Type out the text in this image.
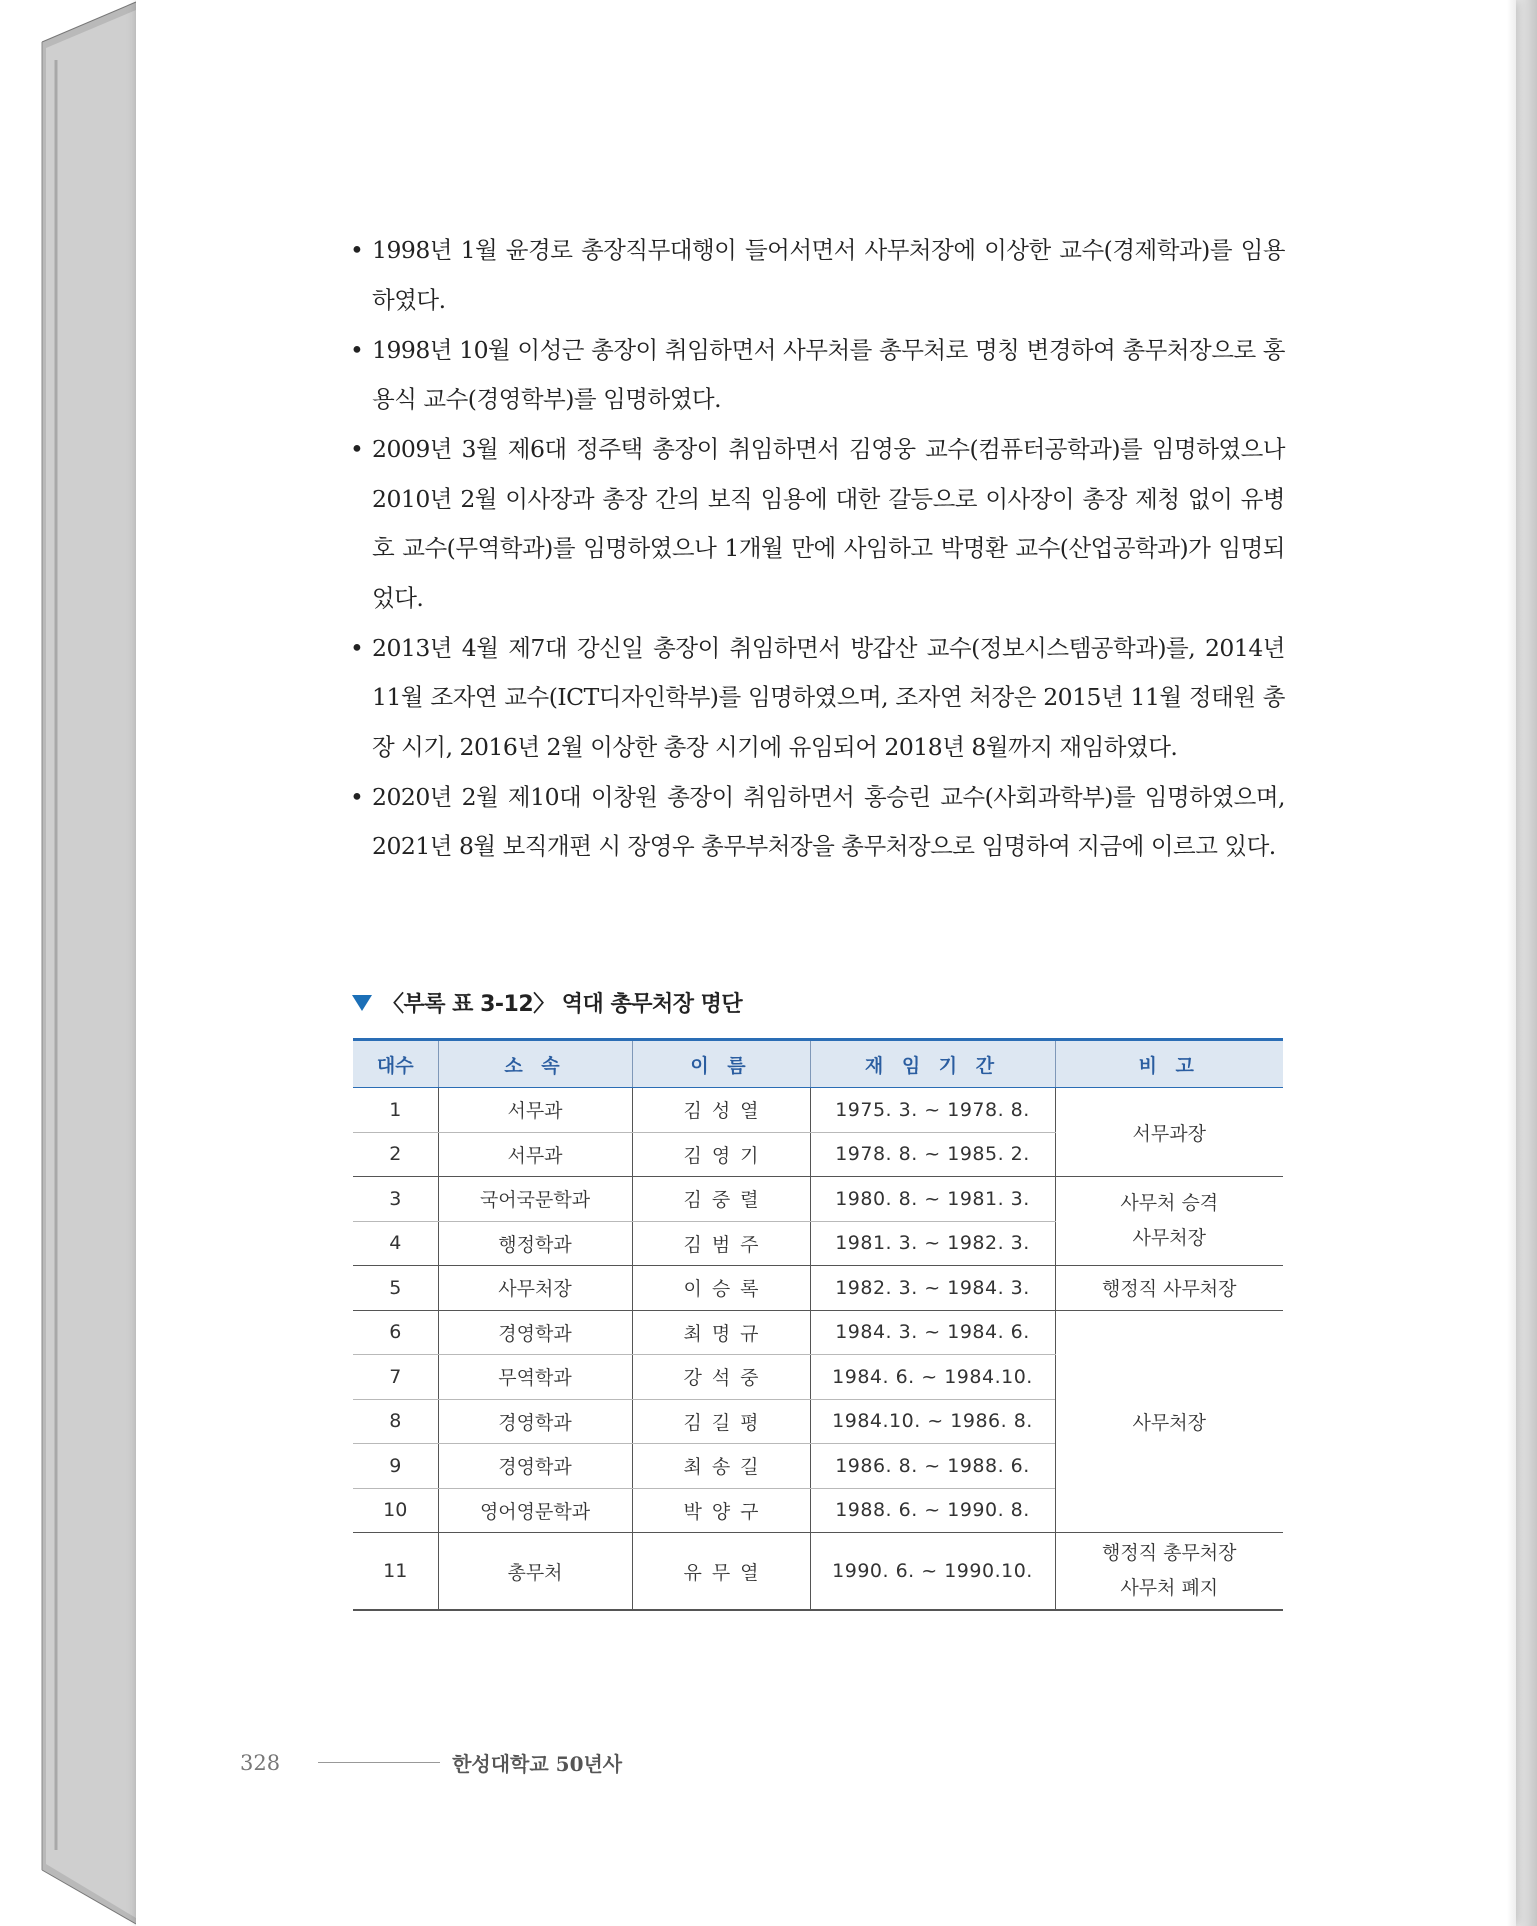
• 1998년 1월 윤경로 총장직무대행이 들어서면서 사무처장에 이상한 교수(경제학과)를 임용하였다.
• 1998년 10월 이성근 총장이 취임하면서 사무처를 총무처로 명칭 변경하여 총무처장으로 홍용식 교수(경영학부)를 임명하였다.
• 2009년 3월 제6대 정주택 총장이 취임하면서 김영웅 교수(컴퓨터공학과)를 임명하였으나 2010년 2월 이사장과 총장 간의 보직 임용에 대한 갈등으로 이사장이 총장 제청 없이 유병호 교수(무역학과)를 임명하였으나 1개월 만에 사임하고 박명환 교수(산업공학과)가 임명되었다.
• 2013년 4월 제7대 강신일 총장이 취임하면서 방갑산 교수(정보시스템공학과)를, 2014년 11월 조자연 교수(ICT디자인학부)를 임명하였으며, 조자연 처장은 2015년 11월 정태원 총장 시기, 2016년 2월 이상한 총장 시기에 유임되어 2018년 8월까지 재임하였다.
• 2020년 2월 제10대 이창원 총장이 취임하면서 홍승린 교수(사회과학부)를 임명하였으며, 2021년 8월 보직개편 시 장영우 총무부처장을 총무처장으로 임명하여 지금에 이르고 있다.
〈부록 표 3-12〉 역대 총무처장 명단
대수	소 속	이 름	재 임 기 간	비 고
1	서무과	김성열	1975. 3. ~ 1978. 8.	서무과장
2	서무과	김영기	1978. 8. ~ 1985. 2.	
3	국어국문학과	김중렬	1980. 8. ~ 1981. 3.	사무처 승격
사무처장

4	행정학과	김범주	1981. 3. ~ 1982. 3.	
5	사무처장	이승록	1982. 3. ~ 1984. 3.	행정직 사무처장
6	경영학과	최명규	1984. 3. ~ 1984. 6.	사무처장
7	무역학과	강석중	1984. 6. ~ 1984.10.	
8	경영학과	김길평	1984.10. ~ 1986. 8.	
9	경영학과	최송길	1986. 8. ~ 1988. 6.	
10	영어영문학과	박양구	1988. 6. ~ 1990. 8.	
11	총무처	유무열	1990. 6. ~ 1990.10.	행정직 총무처장
사무처 폐지
328	한성대학교 50년사
